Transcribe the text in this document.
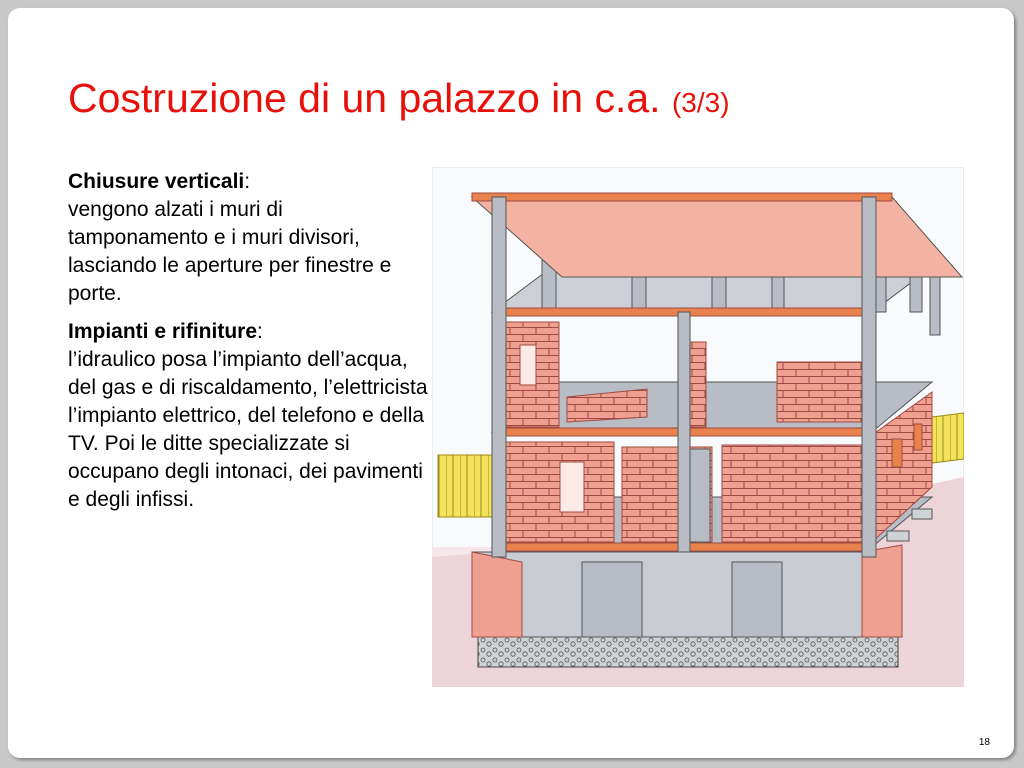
Costruzione di un palazzo in c.a. (3/3)

Chiusure verticali:
vengono alzati i muri di tamponamento e i muri divisori, lasciando le aperture per finestre e porte.

Impianti e rifiniture:
l’idraulico posa l’impianto dell’acqua, del gas e di riscaldamento, l’elettricista l’impianto elettrico, del telefono e della TV. Poi le ditte specializzate si occupano degli intonaci, dei pavimenti e degli infissi.

18
